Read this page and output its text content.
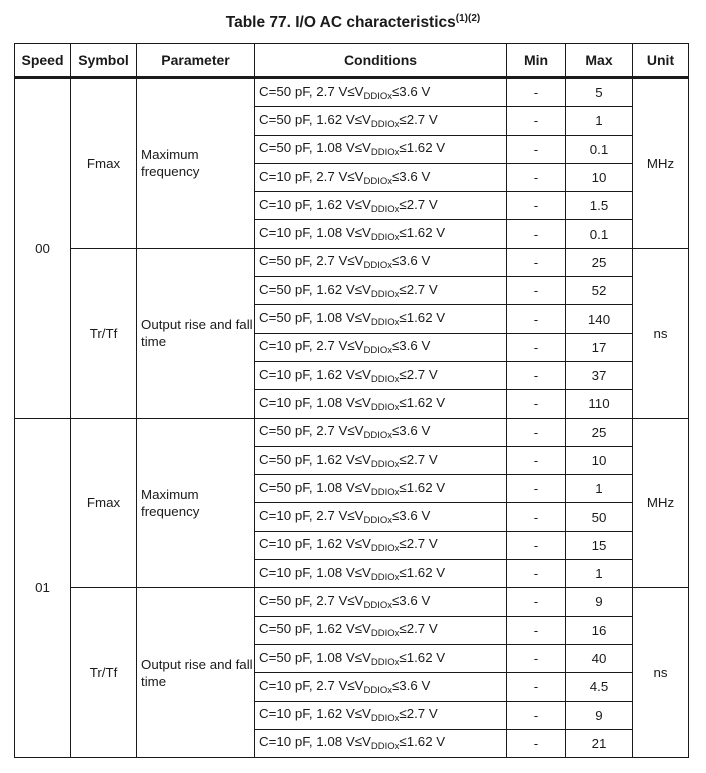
Table 77. I/O AC characteristics$^{(1)(2)}$
Speed	Symbol	Parameter	Conditions	Min	Max	Unit
00	Fmax	Maximum frequency	C=50 pF, 2.7 $V\le V_{DDIOx}\le 3.6$ V	-	5	MHz
			C=50 pF, 1.62 $V\le V_{DDIOx}\le 2.7$ V	-	1	
			C=50 pF, 1.08 $V\le V_{DDIOx}\le 1.62$ V	-	0.1	
			C=10 pF, 2.7 $V\le V_{DDIOx}\le 3.6$ V	-	10	
			C=10 pF, 1.62 $V\le V_{DDIOx}\le 2.7$ V	-	1.5	
			C=10 pF, 1.08 $V\le V_{DDIOx}\le 1.62$ V	-	0.1	
	Tr/Tf	Output rise and fall time	C=50 pF, 2.7 $V\le V_{DDIOx}\le 3.6$ V	-	25	ns
			C=50 pF, 1.62 $V\le V_{DDIOx}\le 2.7$ V	-	52	
			C=50 pF, 1.08 $V\le V_{DDIOx}\le 1.62$ V	-	140	
			C=10 pF, 2.7 $V\le V_{DDIOx}\le 3.6$ V	-	17	
			C=10 pF, 1.62 $V\le V_{DDIOx}\le 2.7$ V	-	37	
			C=10 pF, 1.08 $V\le V_{DDIOx}\le 1.62$ V	-	110	
01	Fmax	Maximum frequency	C=50 pF, 2.7 $V\le V_{DDIOx}\le 3.6$ V	-	25	MHz
			C=50 pF, 1.62 $V\le V_{DDIOx}\le 2.7$ V	-	10	
			C=50 pF, 1.08 $V\le V_{DDIOx}\le 1.62$ V	-	1	
			C=10 pF, 2.7 $V\le V_{DDIOx}\le 3.6$ V	-	50	
			C=10 pF, 1.62 $V\le V_{DDIOx}\le 2.7$ V	-	15	
			C=10 pF, 1.08 $V\le V_{DDIOx}\le 1.62$ V	-	1	
	Tr/Tf	Output rise and fall time	C=50 pF, 2.7 $V\le V_{DDIOx}\le 3.6$ V	-	9	ns
			C=50 pF, 1.62 $V\le V_{DDIOx}\le 2.7$ V	-	16	
			C=50 pF, 1.08 $V\le V_{DDIOx}\le 1.62$ V	-	40	
			C=10 pF, 2.7 $V\le V_{DDIOx}\le 3.6$ V	-	4.5	
			C=10 pF, 1.62 $V\le V_{DDIOx}\le 2.7$ V	-	9	
			C=10 pF, 1.08 $V\le V_{DDIOx}\le 1.62$ V	-	21	
